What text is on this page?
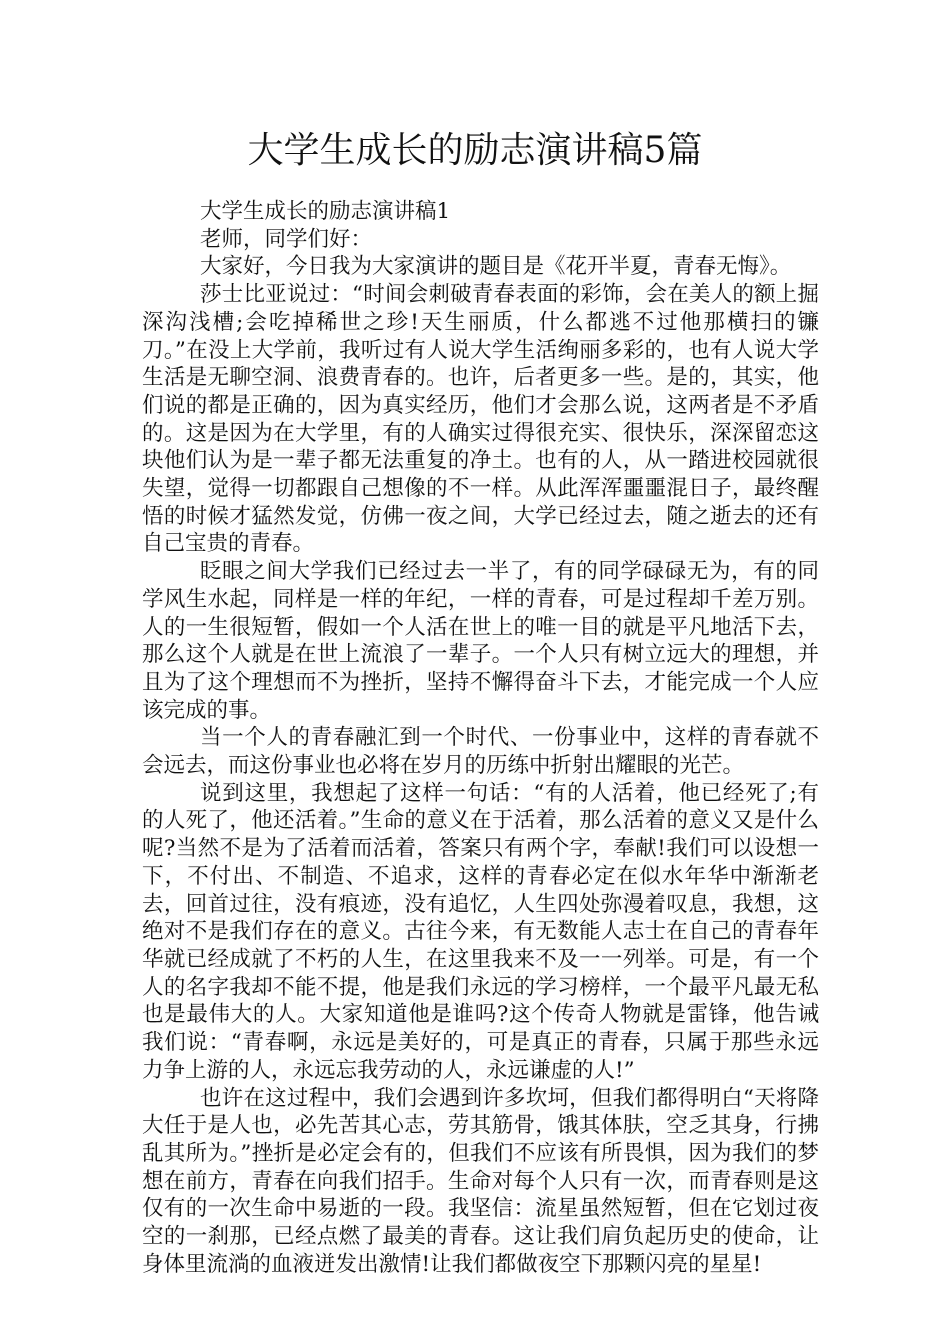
大学生成长的励志演讲稿5篇

大学生成长的励志演讲稿1

老师，同学们好：

大家好，今日我为大家演讲的题目是《花开半夏，青春无悔》。

莎士比亚说过：“时间会刺破青春表面的彩饰，会在美人的额上掘深沟浅槽;会吃掉稀世之珍!天生丽质，什么都逃不过他那横扫的镰刀。”在没上大学前，我听过有人说大学生活绚丽多彩的，也有人说大学生活是无聊空洞、浪费青春的。也许，后者更多一些。是的，其实，他们说的都是正确的，因为真实经历，他们才会那么说，这两者是不矛盾的。这是因为在大学里，有的人确实过得很充实、很快乐，深深留恋这块他们认为是一辈子都无法重复的净土。也有的人，从一踏进校园就很失望，觉得一切都跟自己想像的不一样。从此浑浑噩噩混日子，最终醒悟的时候才猛然发觉，仿佛一夜之间，大学已经过去，随之逝去的还有自己宝贵的青春。

眨眼之间大学我们已经过去一半了，有的同学碌碌无为，有的同学风生水起，同样是一样的年纪，一样的青春，可是过程却千差万别。人的一生很短暂，假如一个人活在世上的唯一目的就是平凡地活下去，那么这个人就是在世上流浪了一辈子。一个人只有树立远大的理想，并且为了这个理想而不为挫折，坚持不懈得奋斗下去，才能完成一个人应该完成的事。

当一个人的青春融汇到一个时代、一份事业中，这样的青春就不会远去，而这份事业也必将在岁月的历练中折射出耀眼的光芒。

说到这里，我想起了这样一句话：“有的人活着，他已经死了;有的人死了，他还活着。”生命的意义在于活着，那么活着的意义又是什么呢?当然不是为了活着而活着，答案只有两个字，奉献!我们可以设想一下，不付出、不制造、不追求，这样的青春必定在似水年华中渐渐老去，回首过往，没有痕迹，没有追忆，人生四处弥漫着叹息，我想，这绝对不是我们存在的意义。古往今来，有无数能人志士在自己的青春年华就已经成就了不朽的人生，在这里我来不及一一列举。可是，有一个人的名字我却不能不提，他是我们永远的学习榜样，一个最平凡最无私也是最伟大的人。大家知道他是谁吗?这个传奇人物就是雷锋，他告诫我们说：“青春啊，永远是美好的，可是真正的青春，只属于那些永远力争上游的人，永远忘我劳动的人，永远谦虚的人!”

也许在这过程中，我们会遇到许多坎坷，但我们都得明白“天将降大任于是人也，必先苦其心志，劳其筋骨，饿其体肤，空乏其身，行拂乱其所为。”挫折是必定会有的，但我们不应该有所畏惧，因为我们的梦想在前方，青春在向我们招手。生命对每个人只有一次，而青春则是这仅有的一次生命中易逝的一段。我坚信：流星虽然短暂，但在它划过夜空的一刹那，已经点燃了最美的青春。这让我们肩负起历史的使命，让身体里流淌的血液迸发出激情!让我们都做夜空下那颗闪亮的星星!
